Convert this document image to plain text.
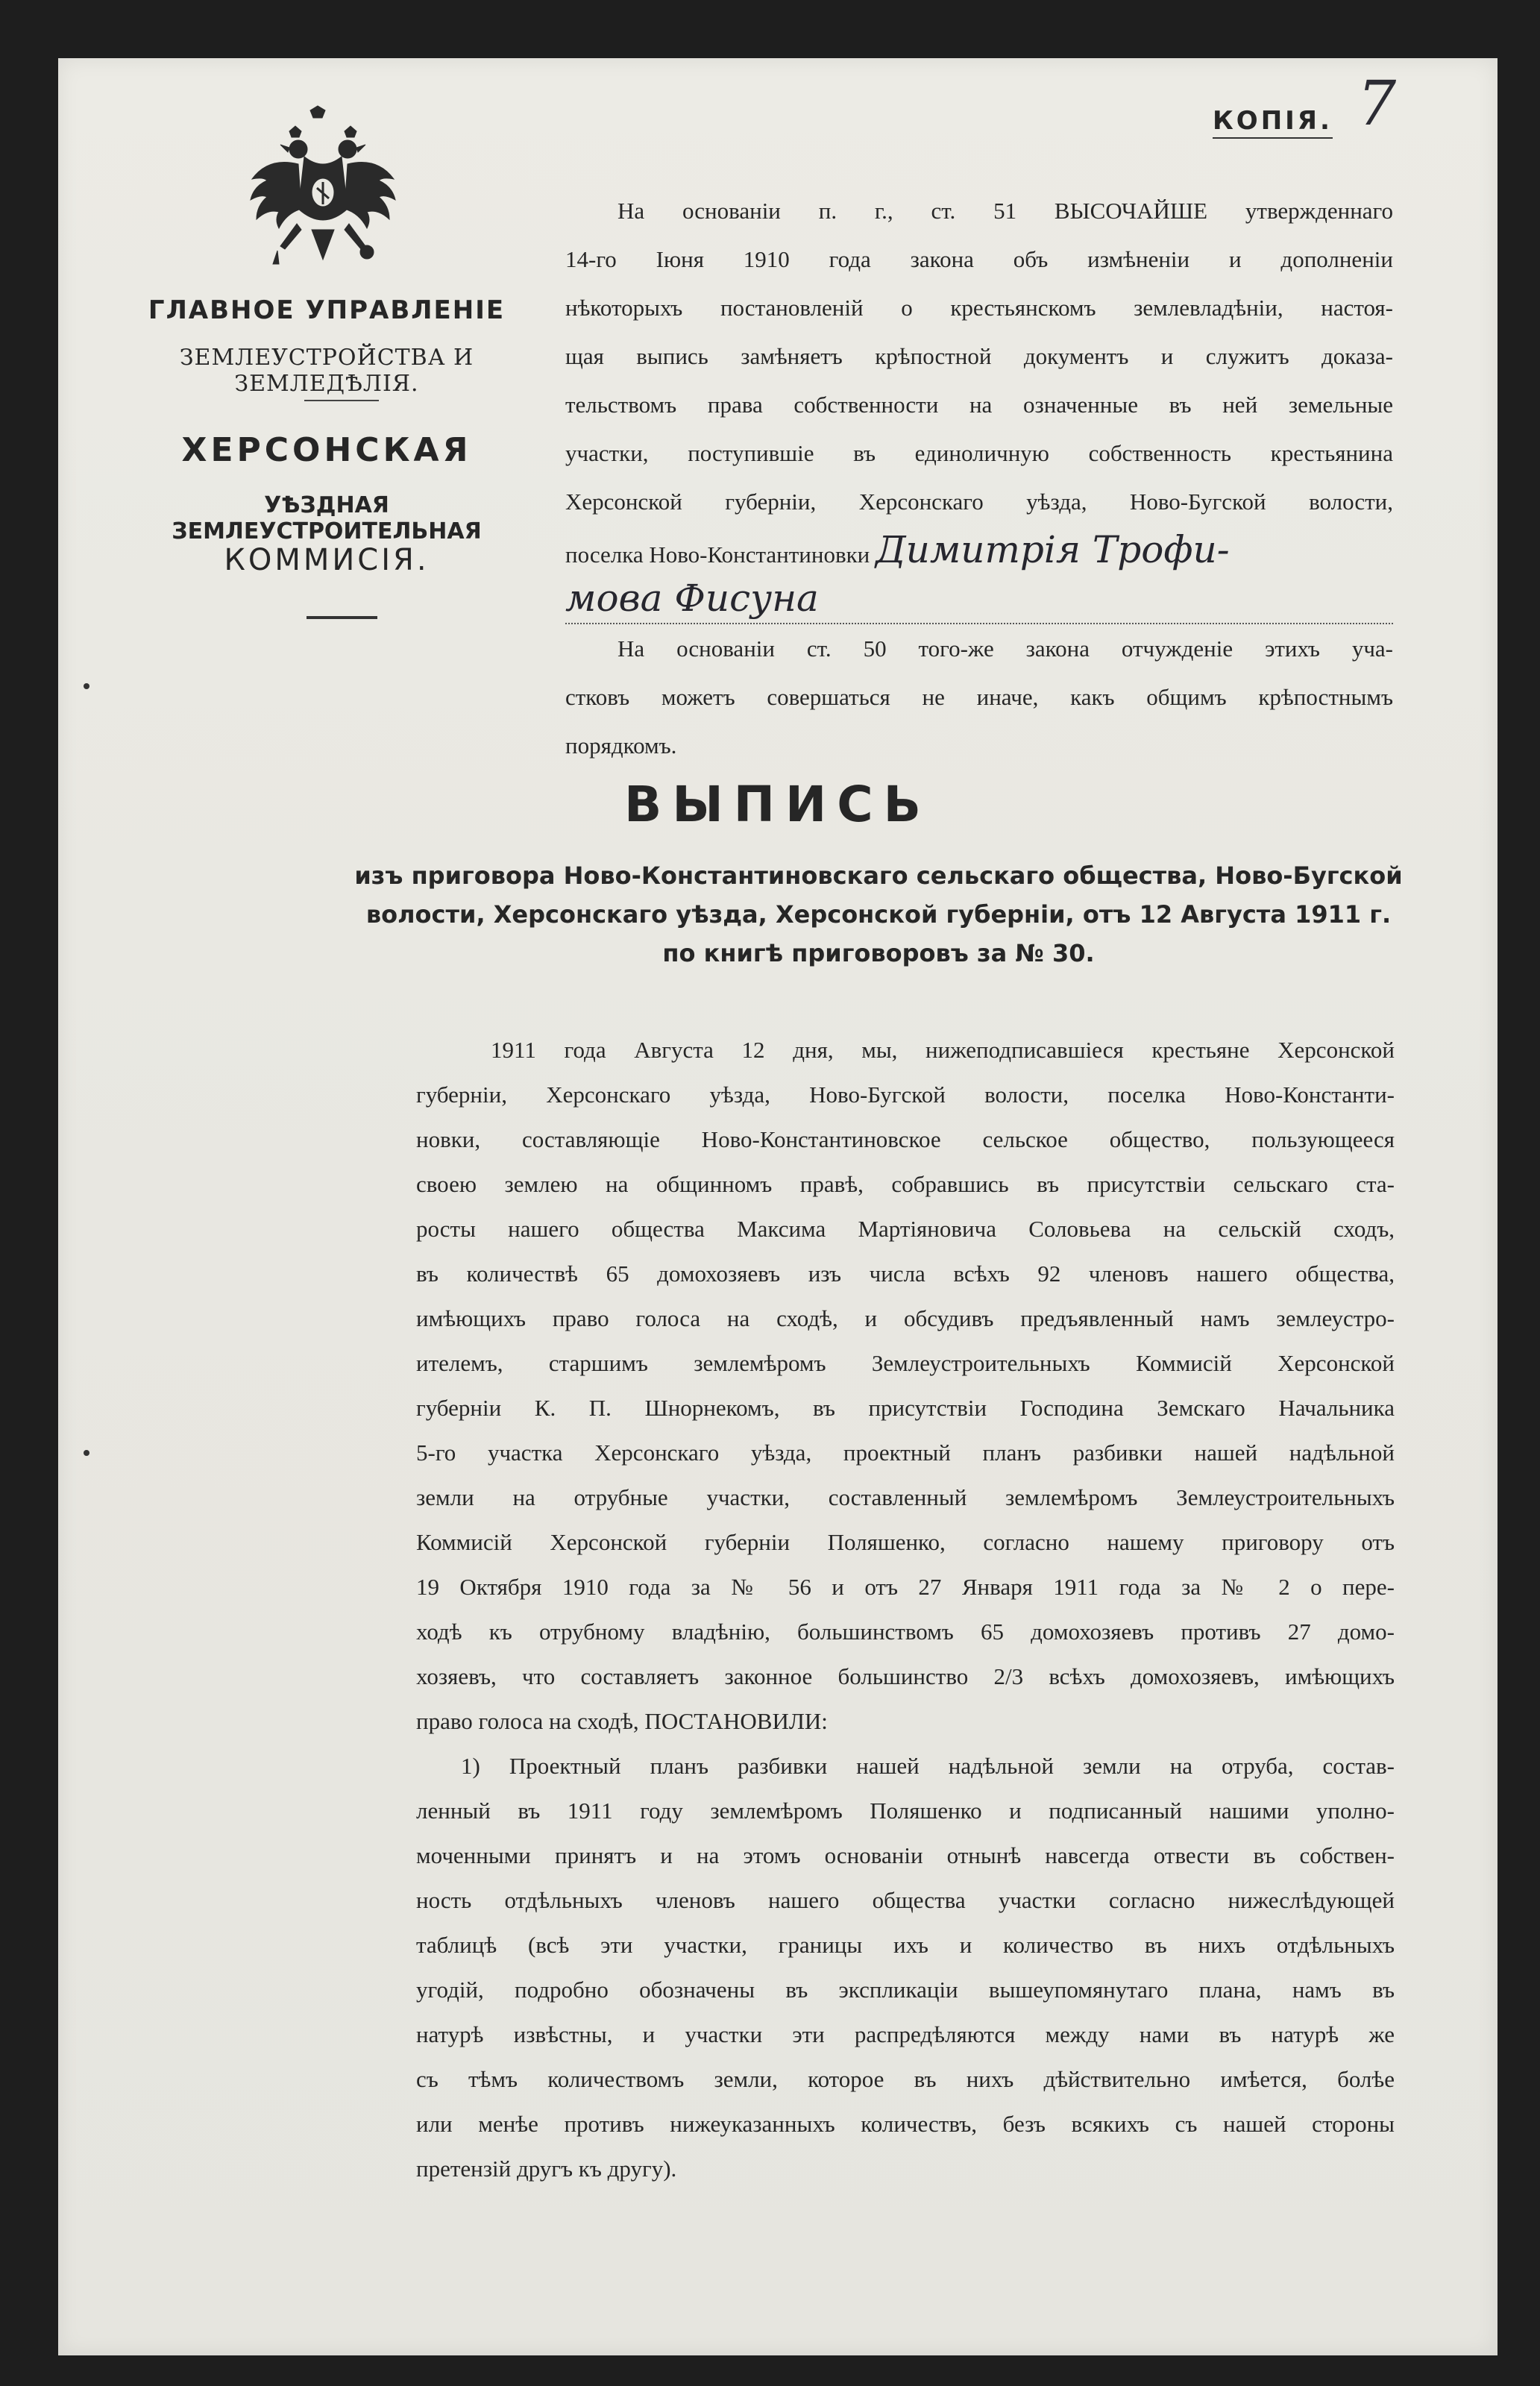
ГЛАВНОЕ УПРАВЛЕНIЕ
ЗЕМЛЕУСТРОЙСТВА И ЗЕМЛЕДѢЛIЯ.
ХЕРСОНСКАЯ
УѢЗДНАЯ ЗЕМЛЕУСТРОИТЕЛЬНАЯ
КОММИСIЯ.
КОПIЯ. 7
На основанiи п. г., ст. 51 ВЫСОЧАЙШЕ утвержденнаго
14-го Iюня 1910 года закона объ измѣненiи и дополненiи
нѣкоторыхъ постановленiй о крестьянскомъ землевладѣнiи, настоя-
щая выпись замѣняетъ крѣпостной документъ и служитъ доказа-
тельствомъ права собственности на означенные въ ней земельные
участки, поступившiе въ единоличную собственность крестьянина
Херсонской губернiи, Херсонскаго уѣзда, Ново-Бугской волости,
поселка Ново-Константиновки Димитрiя Трофи-
мова Фисуна
На основанiи ст. 50 того-же закона отчужденiе этихъ уча-
стковъ можетъ совершаться не иначе, какъ общимъ крѣпостнымъ
порядкомъ.
ВЫПИСЬ
изъ приговора Ново-Константиновскаго сельскаго общества, Ново-Бугской
волости, Херсонскаго уѣзда, Херсонской губернiи, отъ 12 Августа 1911 г.
по книгѣ приговоровъ за № 30.
1911 года Августа 12 дня, мы, нижеподписавшiеся крестьяне Херсонской
губернiи, Херсонскаго уѣзда, Ново-Бугской волости, поселка Ново-Константи-
новки, составляющiе Ново-Константиновское сельское общество, пользующееся
своею землею на общинномъ правѣ, собравшись въ присутствiи сельскаго ста-
росты нашего общества Максима Мартiяновича Соловьева на сельскiй сходъ,
въ количествѣ 65 домохозяевъ изъ числа всѣхъ 92 членовъ нашего общества,
имѣющихъ право голоса на сходѣ, и обсудивъ предъявленный намъ землеустро-
ителемъ, старшимъ землемѣромъ Землеустроительныхъ Коммисiй Херсонской
губернiи К. П. Шнорнекомъ, въ присутствiи Господина Земскаго Начальника
5-го участка Херсонскаго уѣзда, проектный планъ разбивки нашей надѣльной
земли на отрубные участки, составленный землемѣромъ Землеустроительныхъ
Коммисiй Херсонской губернiи Поляшенко, согласно нашему приговору отъ
19 Октября 1910 года за № 56 и отъ 27 Января 1911 года за № 2 о пере-
ходѣ къ отрубному владѣнiю, большинствомъ 65 домохозяевъ противъ 27 домо-
хозяевъ, что составляетъ законное большинство 2/3 всѣхъ домохозяевъ, имѣющихъ
право голоса на сходѣ, ПОСТАНОВИЛИ:
1) Проектный планъ разбивки нашей надѣльной земли на отруба, состав-
ленный въ 1911 году землемѣромъ Поляшенко и подписанный нашими уполно-
моченными принятъ и на этомъ основанiи отнынѣ навсегда отвести въ собствен-
ность отдѣльныхъ членовъ нашего общества участки согласно нижеслѣдующей
таблицѣ (всѣ эти участки, границы ихъ и количество въ нихъ отдѣльныхъ
угодiй, подробно обозначены въ экспликацiи вышеупомянутаго плана, намъ въ
натурѣ извѣстны, и участки эти распредѣляются между нами въ натурѣ же
съ тѣмъ количествомъ земли, которое въ нихъ дѣйствительно имѣется, болѣе
или менѣе противъ нижеуказанныхъ количествъ, безъ всякихъ съ нашей стороны
претензiй другъ къ другу).
